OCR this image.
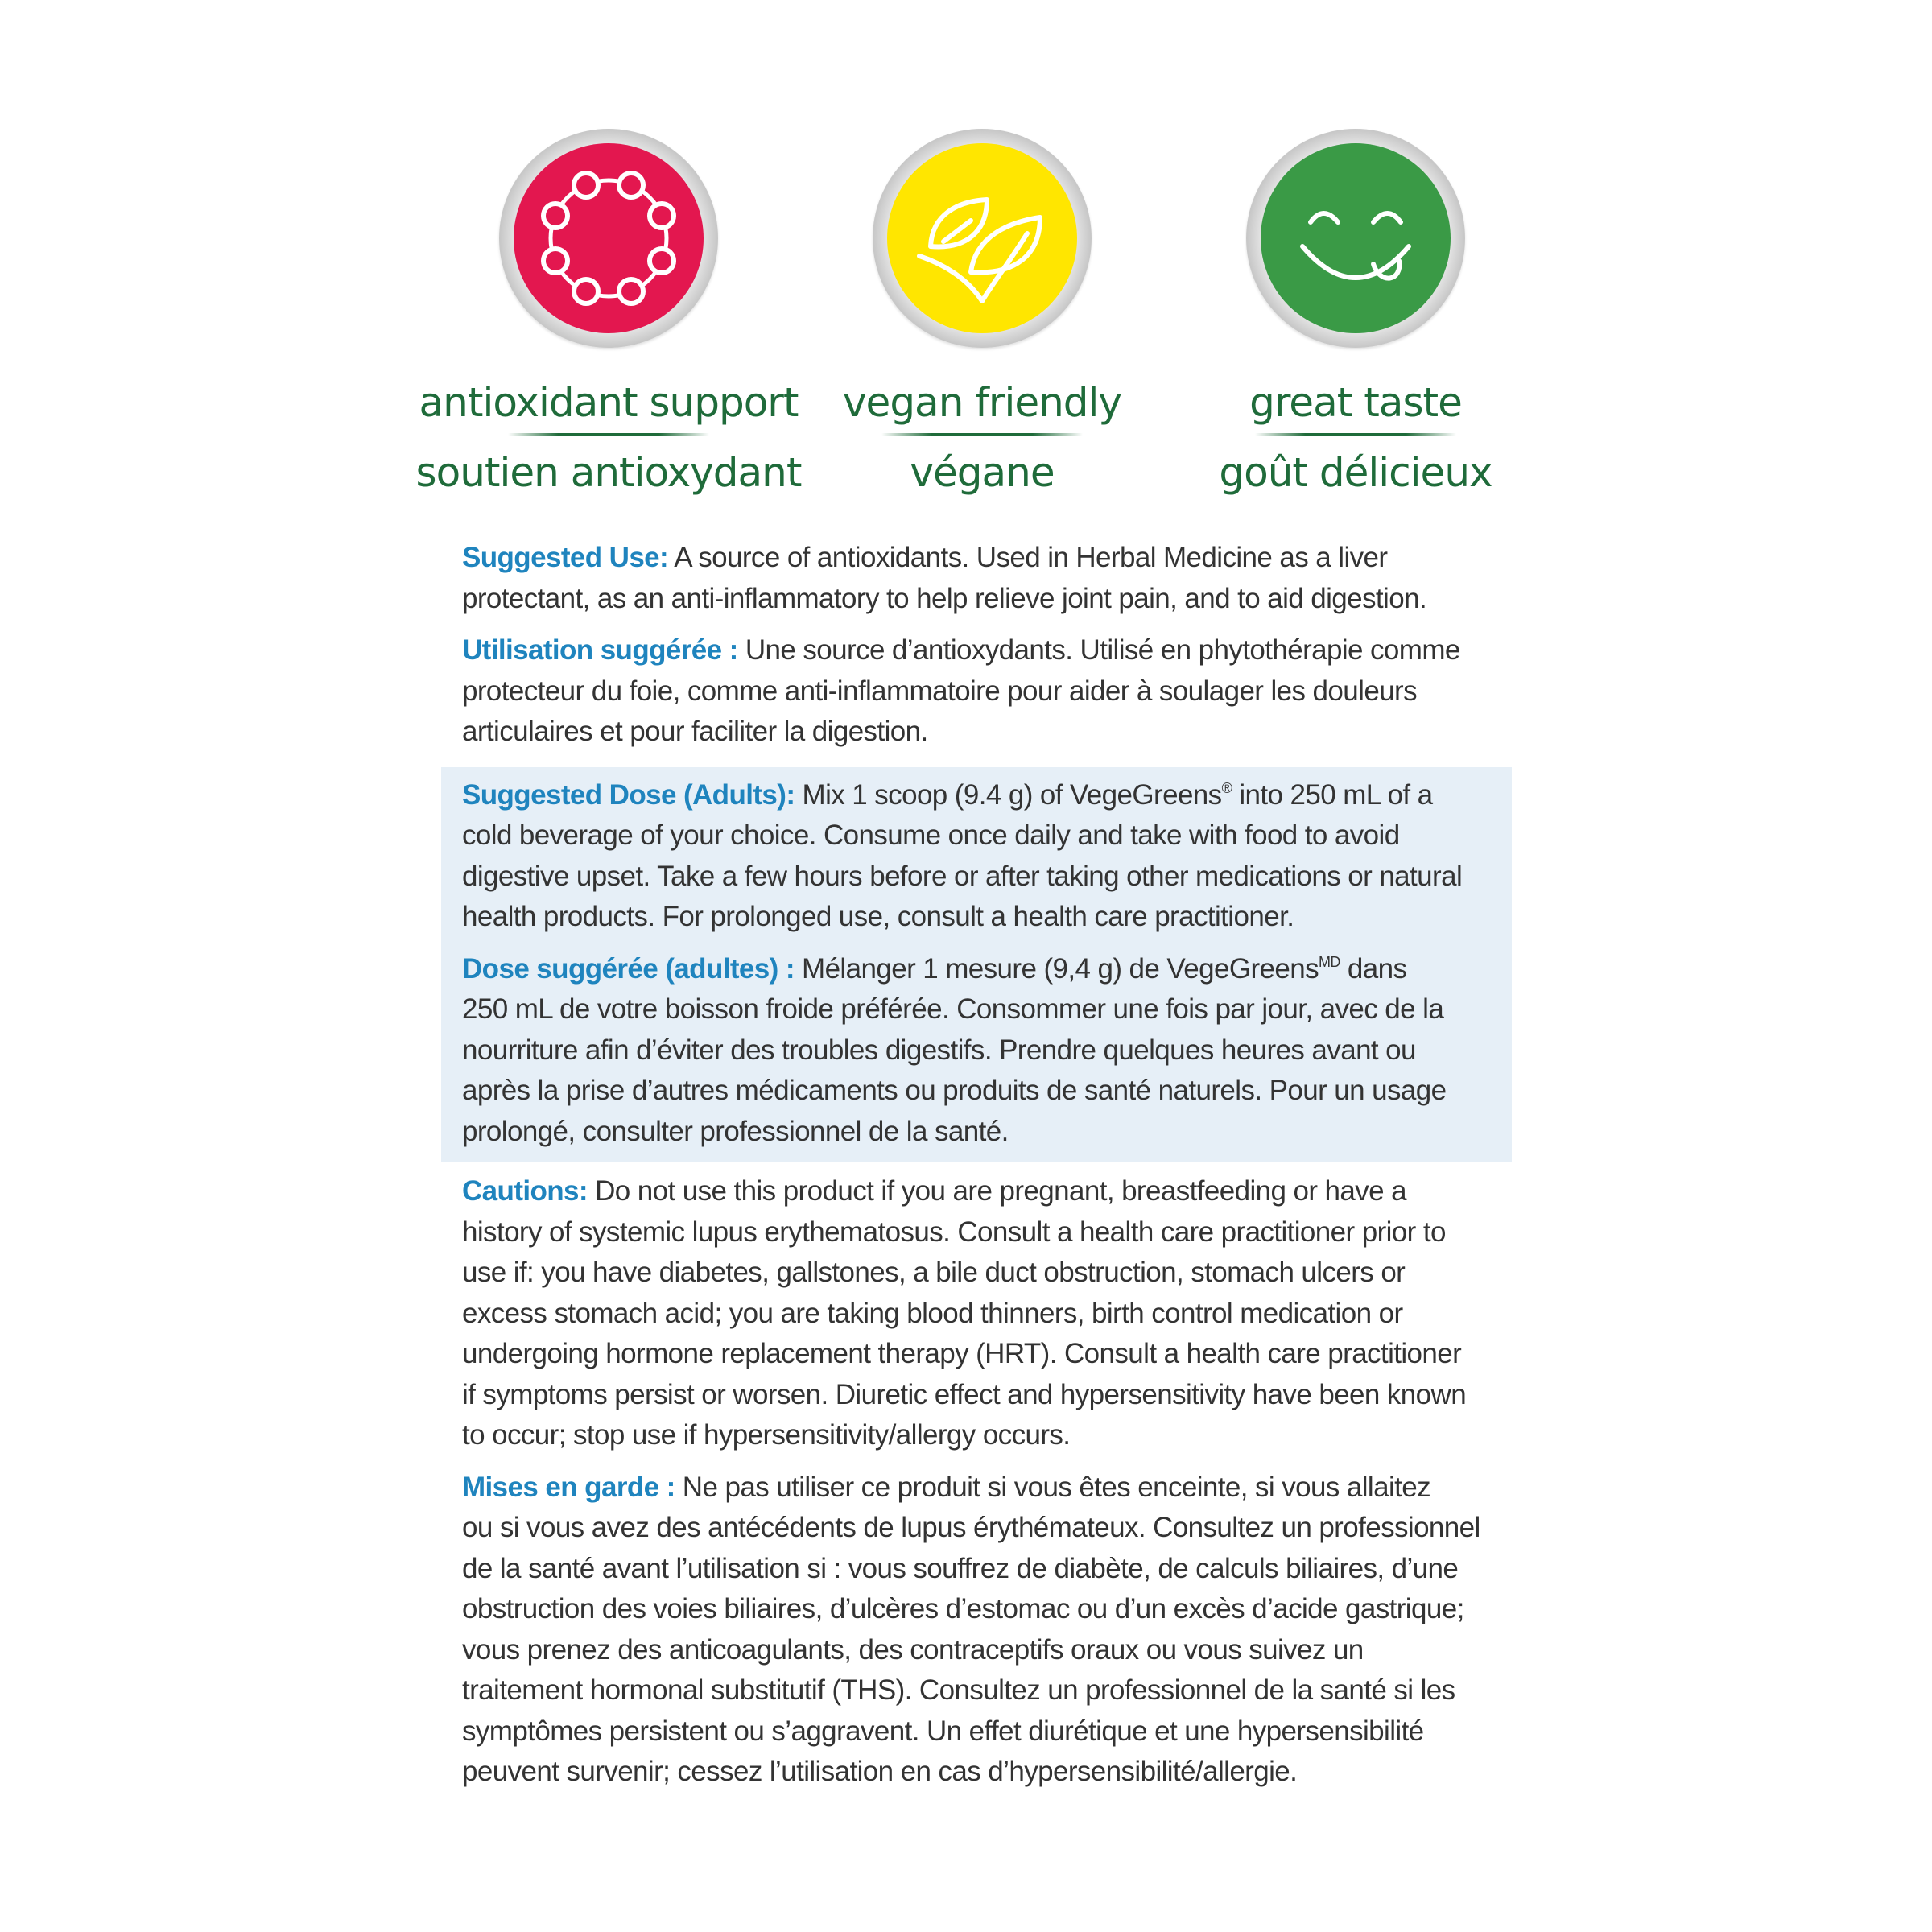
antioxidant support
soutien antioxydant
vegan friendly
végane
great taste
goût délicieux
Suggested Use: A source of antioxidants. Used in Herbal Medicine as a liver
protectant, as an anti-inflammatory to help relieve joint pain, and to aid digestion.
Utilisation suggérée : Une source d’antioxydants. Utilisé en phytothérapie comme
protecteur du foie, comme anti-inflammatoire pour aider à soulager les douleurs
articulaires et pour faciliter la digestion.
Suggested Dose (Adults): Mix 1 scoop (9.4 g) of VegeGreens® into 250 mL of a
cold beverage of your choice. Consume once daily and take with food to avoid
digestive upset. Take a few hours before or after taking other medications or natural
health products. For prolonged use, consult a health care practitioner.
Dose suggérée (adultes) : Mélanger 1 mesure (9,4 g) de VegeGreens$^{MD}$ dans
250 mL de votre boisson froide préférée. Consommer une fois par jour, avec de la
nourriture afin d’éviter des troubles digestifs. Prendre quelques heures avant ou
après la prise d’autres médicaments ou produits de santé naturels. Pour un usage
prolongé, consulter professionnel de la santé.
Cautions: Do not use this product if you are pregnant, breastfeeding or have a
history of systemic lupus erythematosus. Consult a health care practitioner prior to
use if: you have diabetes, gallstones, a bile duct obstruction, stomach ulcers or
excess stomach acid; you are taking blood thinners, birth control medication or
undergoing hormone replacement therapy (HRT). Consult a health care practitioner
if symptoms persist or worsen. Diuretic effect and hypersensitivity have been known
to occur; stop use if hypersensitivity/allergy occurs.
Mises en garde : Ne pas utiliser ce produit si vous êtes enceinte, si vous allaitez
ou si vous avez des antécédents de lupus érythémateux. Consultez un professionnel
de la santé avant l’utilisation si : vous souffrez de diabète, de calculs biliaires, d’une
obstruction des voies biliaires, d’ulcères d’estomac ou d’un excès d’acide gastrique;
vous prenez des anticoagulants, des contraceptifs oraux ou vous suivez un
traitement hormonal substitutif (THS). Consultez un professionnel de la santé si les
symptômes persistent ou s’aggravent. Un effet diurétique et une hypersensibilité
peuvent survenir; cessez l’utilisation en cas d’hypersensibilité/allergie.
